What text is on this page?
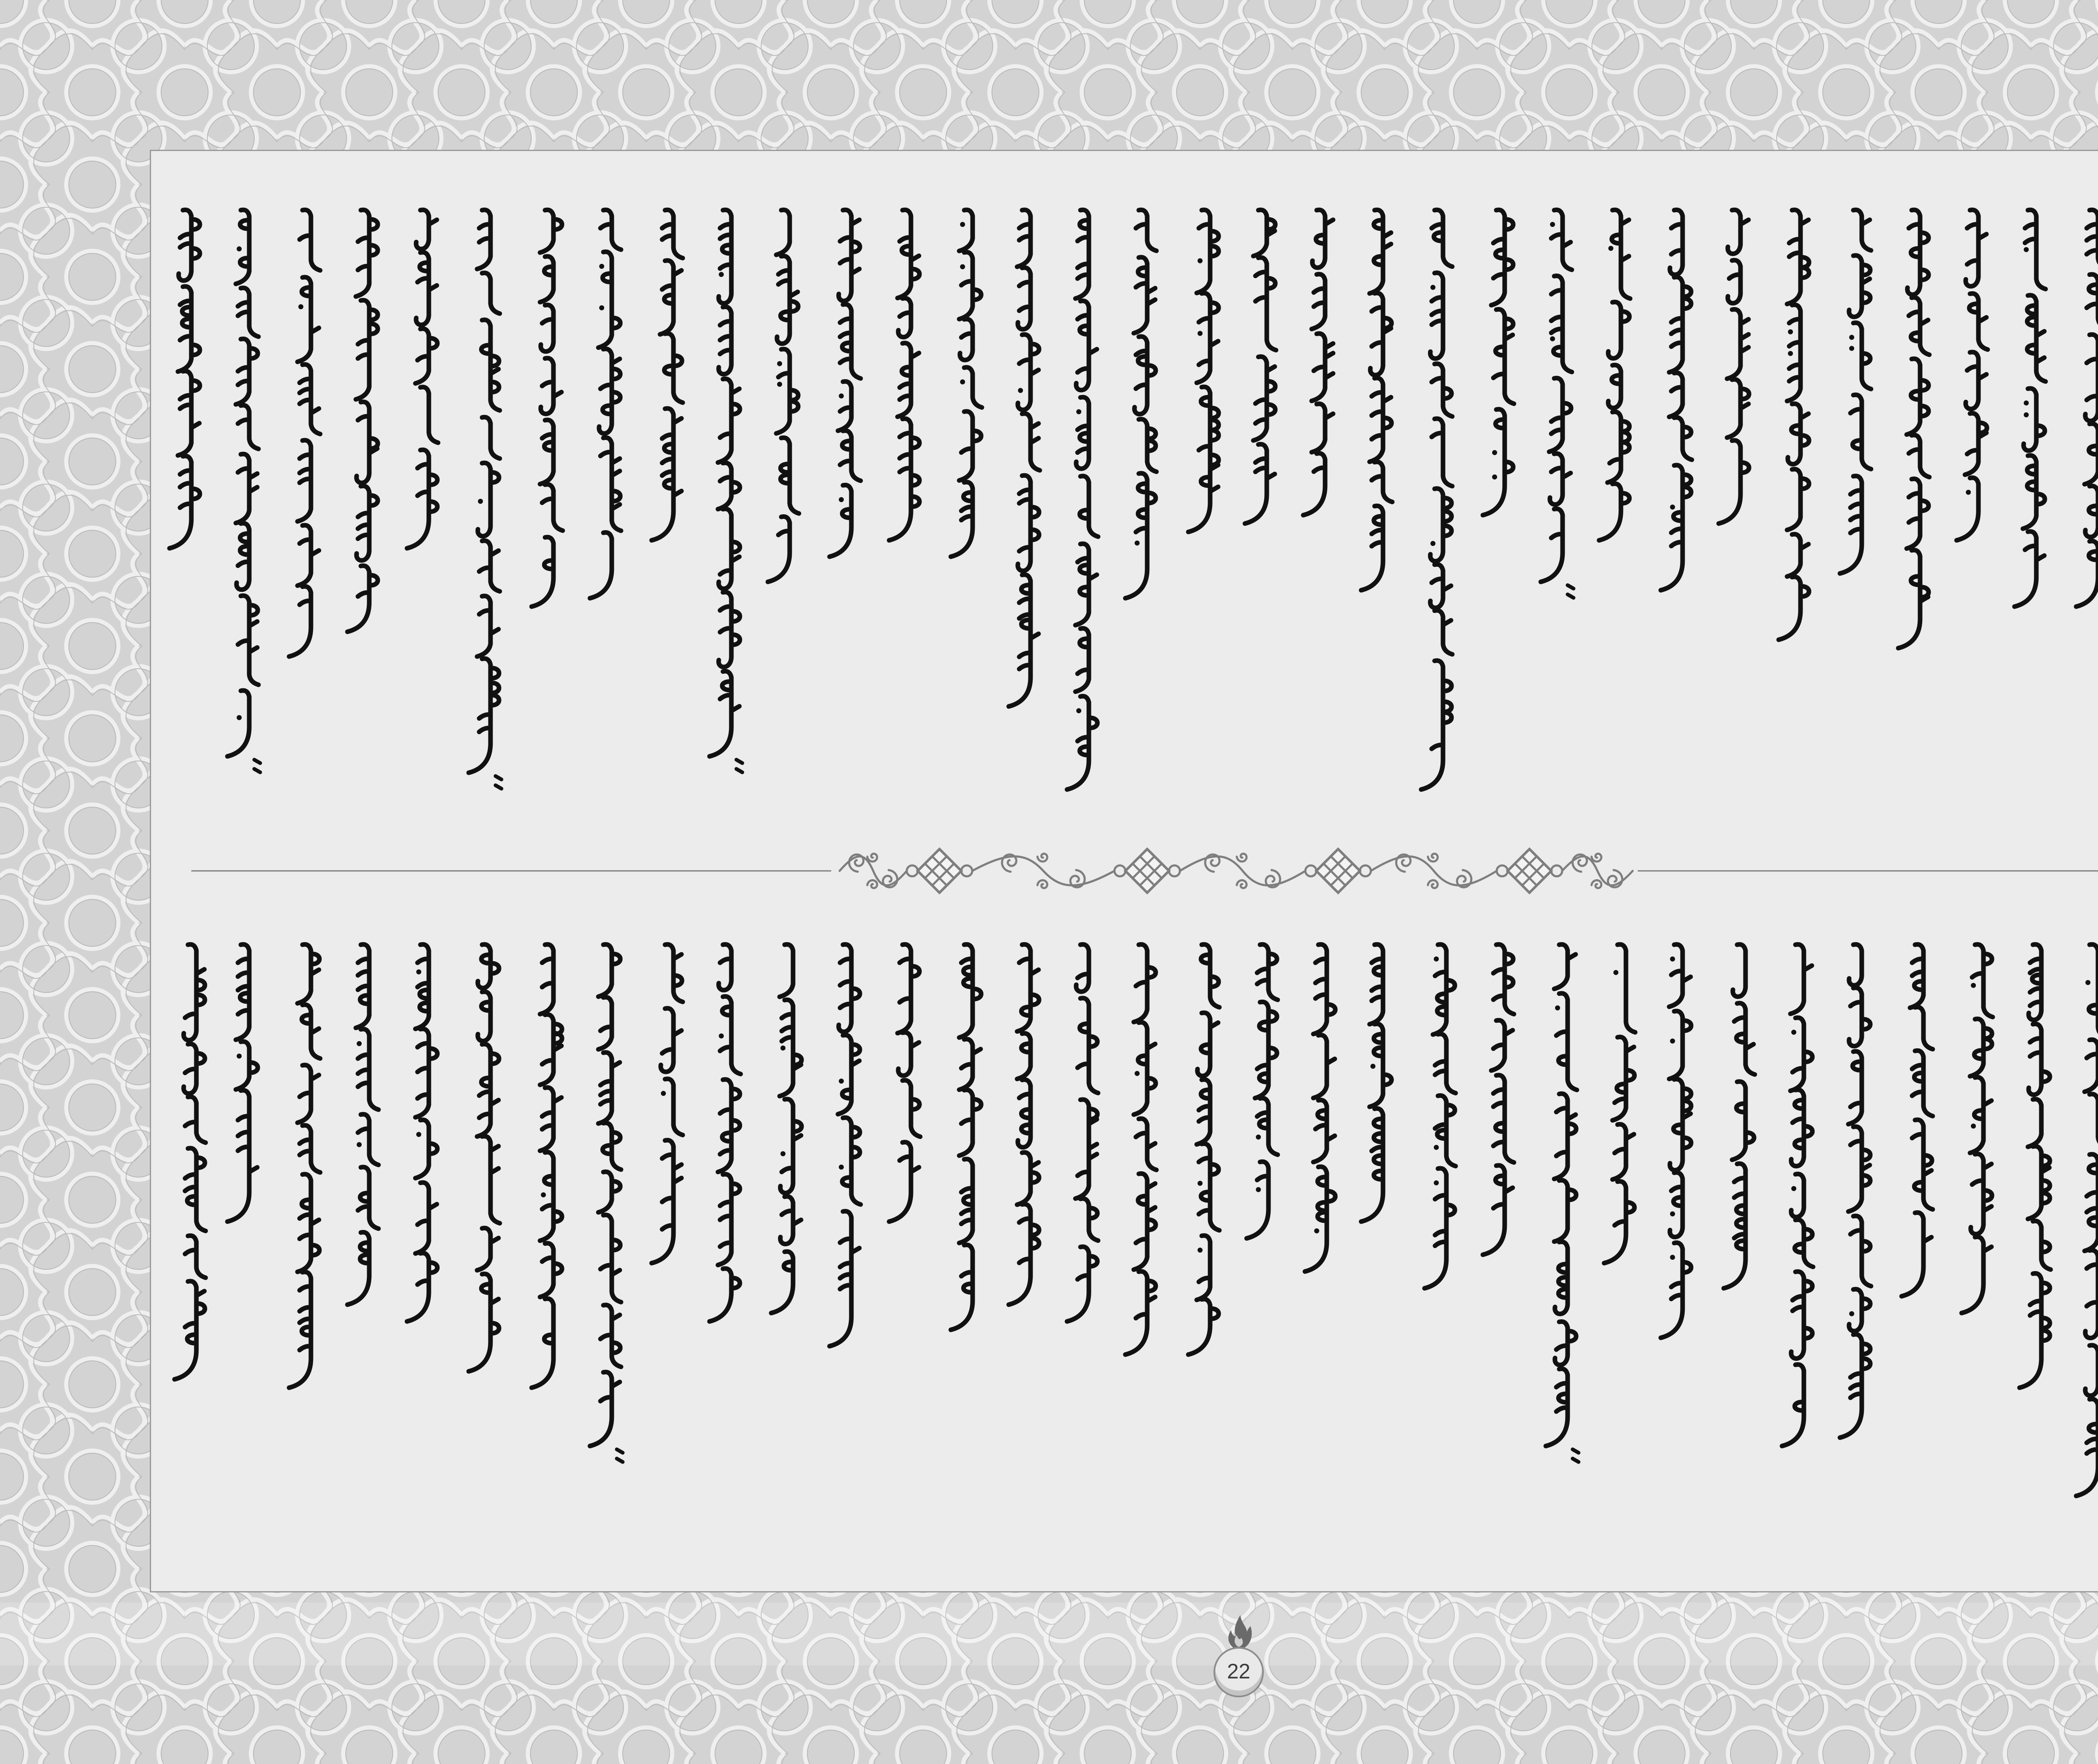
22
